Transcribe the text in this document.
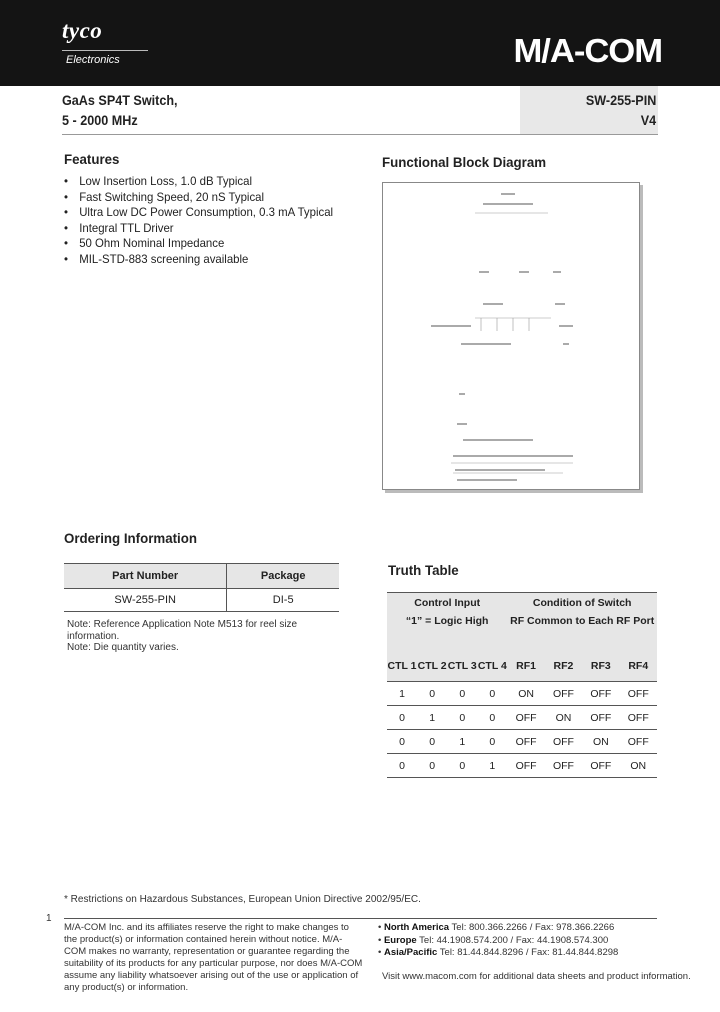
tyco
Electronics	M/A-COM
GaAs SP4T Switch,
5 - 2000 MHz
SW-255-PIN
V4
Features
• Low Insertion Loss, 1.0 dB Typical
• Fast Switching Speed, 20 nS Typical
• Ultra Low DC Power Consumption, 0.3 mA Typical
• Integral TTL Driver
• 50 Ohm Nominal Impedance
• MIL-STD-883 screening available
Functional Block Diagram
Ordering Information
Part Number	Package
SW-255-PIN	DI-5
Note: Reference Application Note M513 for reel size information.
Note: Die quantity varies.
Truth Table
Control Input				Condition of Switch			
“1” = Logic High				RF Common to Each RF Port			
CTL 1	CTL 2	CTL 3	CTL 4	RF1	RF2	RF3	RF4
1	0	0	0	ON	OFF	OFF	OFF
0	1	0	0	OFF	ON	OFF	OFF
0	0	1	0	OFF	OFF	ON	OFF
0	0	0	1	OFF	OFF	OFF	ON
* Restrictions on Hazardous Substances, European Union Directive 2002/95/EC.
1
M/A-COM Inc. and its affiliates reserve the right to make changes to the product(s) or information contained herein without notice. M/A-COM makes no warranty, representation or guarantee regarding the suitability of its products for any particular purpose, nor does M/A-COM assume any liability whatsoever arising out of the use or application of any product(s) or information.
• North America Tel: 800.366.2266 / Fax: 978.366.2266
• Europe Tel: 44.1908.574.200 / Fax: 44.1908.574.300
• Asia/Pacific Tel: 81.44.844.8296 / Fax: 81.44.844.8298
Visit www.macom.com for additional data sheets and product information.
